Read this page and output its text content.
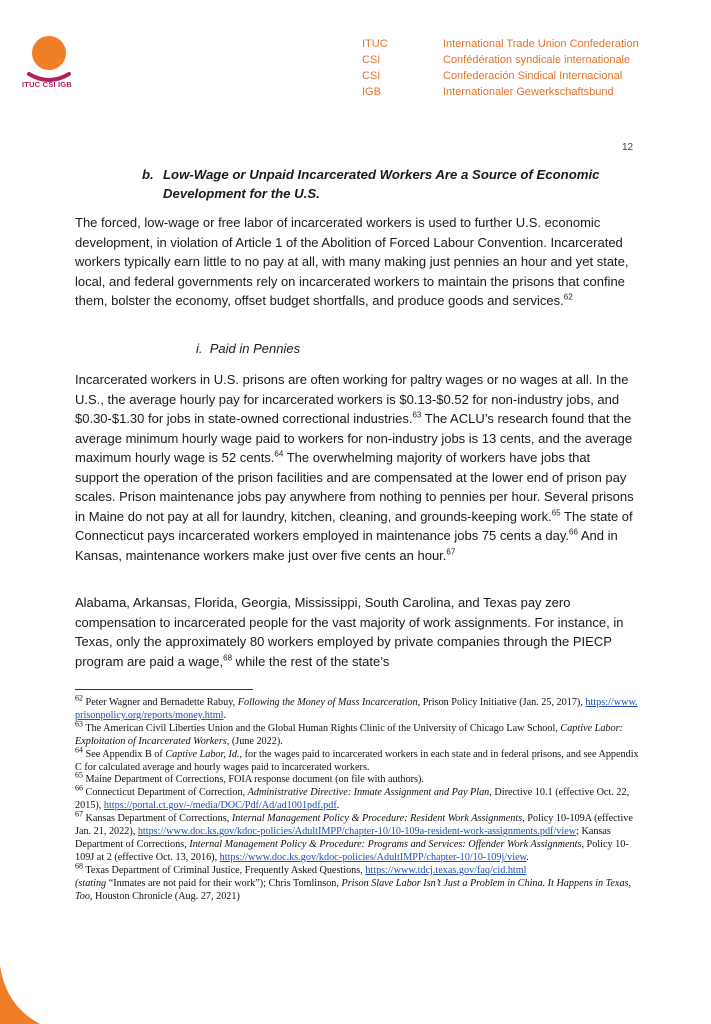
ITUC CSI IGB
ITUC
CSI
CSI
IGB
International Trade Union Confederation
Confédération syndicale internationale
Confederación Sindical Internacional
Internationaler Gewerkschaftsbund
12
b. Low-Wage or Unpaid Incarcerated Workers Are a Source of Economic Development for the U.S.

The forced, low-wage or free labor of incarcerated workers is used to further U.S. economic development, in violation of Article 1 of the Abolition of Forced Labour Convention. Incarcerated workers typically earn little to no pay at all, with many making just pennies an hour and yet state, local, and federal governments rely on incarcerated workers to maintain the prisons that confine them, bolster the economy, offset budget shortfalls, and produce goods and services.$^{62}$

i. Paid in Pennies

Incarcerated workers in U.S. prisons are often working for paltry wages or no wages at all. In the U.S., the average hourly pay for incarcerated workers is $0.13-$0.52 for non-industry jobs, and $0.30-$1.30 for jobs in state-owned correctional industries.$^{63}$ The ACLU’s research found that the average minimum hourly wage paid to workers for non-industry jobs is 13 cents, and the average maximum hourly wage is 52 cents.$^{64}$ The overwhelming majority of workers have jobs that support the operation of the prison facilities and are compensated at the lower end of prison pay scales. Prison maintenance jobs pay anywhere from nothing to pennies per hour. Several prisons in Maine do not pay at all for laundry, kitchen, cleaning, and grounds-keeping work.$^{65}$ The state of Connecticut pays incarcerated workers employed in maintenance jobs 75 cents a day.$^{66}$ And in Kansas, maintenance workers make just over five cents an hour.$^{67}$

Alabama, Arkansas, Florida, Georgia, Mississippi, South Carolina, and Texas pay zero compensation to incarcerated people for the vast majority of work assignments. For instance, in Texas, only the approximately 80 workers employed by private companies through the PIECP program are paid a wage,$^{68}$ while the rest of the state’s

$^{62}$ Peter Wagner and Bernadette Rabuy, Following the Money of Mass Incarceration, Prison Policy Initiative (Jan. 25, 2017), https://www.prisonpolicy.org/reports/money.html.

$^{63}$ The American Civil Liberties Union and the Global Human Rights Clinic of the University of Chicago Law School, Captive Labor: Exploitation of Incarcerated Workers, (June 2022).

$^{64}$ See Appendix B of Captive Labor, Id., for the wages paid to incarcerated workers in each state and in federal prisons, and see Appendix C for calculated average and hourly wages paid to incarcerated workers.

$^{65}$ Maine Department of Corrections, FOIA response document (on file with authors).

$^{66}$ Connecticut Department of Correction, Administrative Directive: Inmate Assignment and Pay Plan, Directive 10.1 (effective Oct. 22, 2015), https://portal.ct.gov/-/media/DOC/Pdf/Ad/ad1001pdf.pdf.

$^{67}$ Kansas Department of Corrections, Internal Management Policy & Procedure: Resident Work Assignments, Policy 10-109A (effective Jan. 21, 2022), https://www.doc.ks.gov/kdoc-policies/AdultIMPP/chapter-10/10-109a-resident-work-assignments.pdf/view; Kansas Department of Corrections, Internal Management Policy & Procedure: Programs and Services: Offender Work Assignments, Policy 10-109J at 2 (effective Oct. 13, 2016), https://www.doc.ks.gov/kdoc-policies/AdultIMPP/chapter-10/10-109j/view.

$^{68}$ Texas Department of Criminal Justice, Frequently Asked Questions, https://www.tdcj.texas.gov/faq/cid.html
(stating “Inmates are not paid for their work”); Chris Tomlinson, Prison Slave Labor Isn’t Just a Problem in China. It Happens in Texas, Too, Houston Chronicle (Aug. 27, 2021)
